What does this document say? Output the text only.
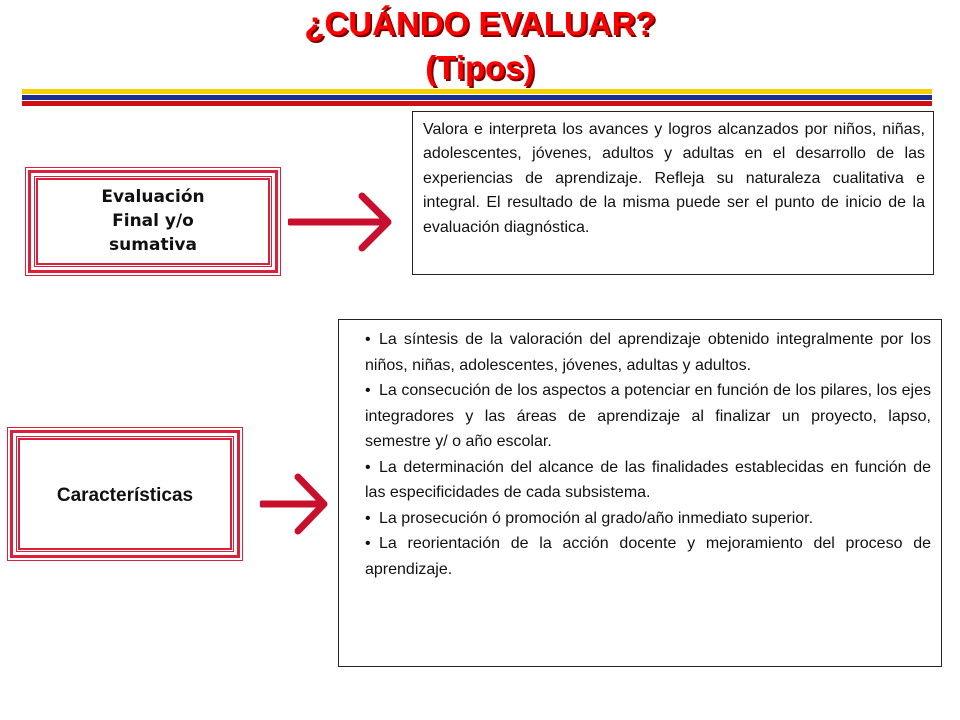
¿CUÁNDO EVALUAR?
(Tipos)
Evaluación
Final y/o
sumativa
Valora e interpreta los avances y logros alcanzados por niños, niñas, adolescentes, jóvenes, adultos y adultas en el desarrollo de las experiencias de aprendizaje. Refleja su naturaleza cualitativa e integral. El resultado de la misma puede ser el punto de inicio de la evaluación diagnóstica.
Características

• La síntesis de la valoración del aprendizaje obtenido integralmente por los niños, niñas, adolescentes, jóvenes, adultas y adultos.

• La consecución de los aspectos a potenciar en función de los pilares, los ejes integradores y las áreas de aprendizaje al finalizar un proyecto, lapso, semestre y/ o año escolar.

• La determinación del alcance de las finalidades establecidas en función de las especificidades de cada subsistema.

• La prosecución ó promoción al grado/año inmediato superior.

• La reorientación de la acción docente y mejoramiento del proceso de aprendizaje.
